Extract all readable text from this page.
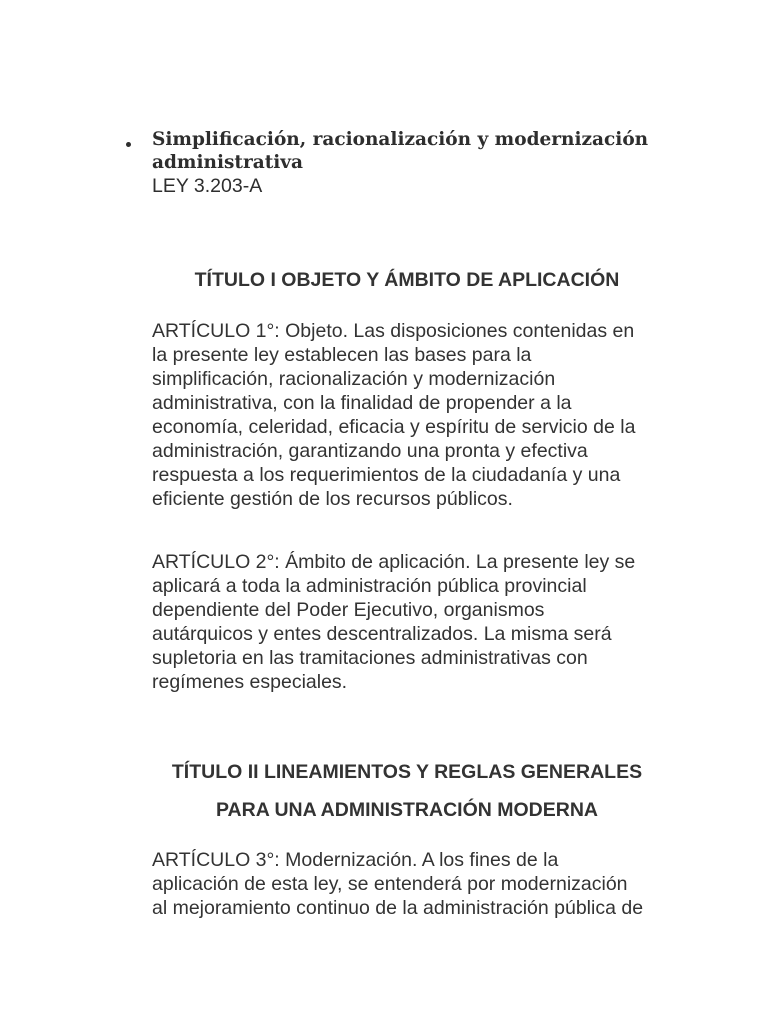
Simplificación, racionalización y modernización
administrativa

LEY 3.203-A

TÍTULO I OBJETO Y ÁMBITO DE APLICACIÓN

ARTÍCULO 1°: Objeto. Las disposiciones contenidas en
la presente ley establecen las bases para la
simplificación, racionalización y modernización
administrativa, con la finalidad de propender a la
economía, celeridad, eficacia y espíritu de servicio de la
administración, garantizando una pronta y efectiva
respuesta a los requerimientos de la ciudadanía y una
eficiente gestión de los recursos públicos.

ARTÍCULO 2°: Ámbito de aplicación. La presente ley se
aplicará a toda la administración pública provincial
dependiente del Poder Ejecutivo, organismos
autárquicos y entes descentralizados. La misma será
supletoria en las tramitaciones administrativas con
regímenes especiales.

TÍTULO II LINEAMIENTOS Y REGLAS GENERALES
PARA UNA ADMINISTRACIÓN MODERNA

ARTÍCULO 3°: Modernización. A los fines de la
aplicación de esta ley, se entenderá por modernización
al mejoramiento continuo de la administración pública de
